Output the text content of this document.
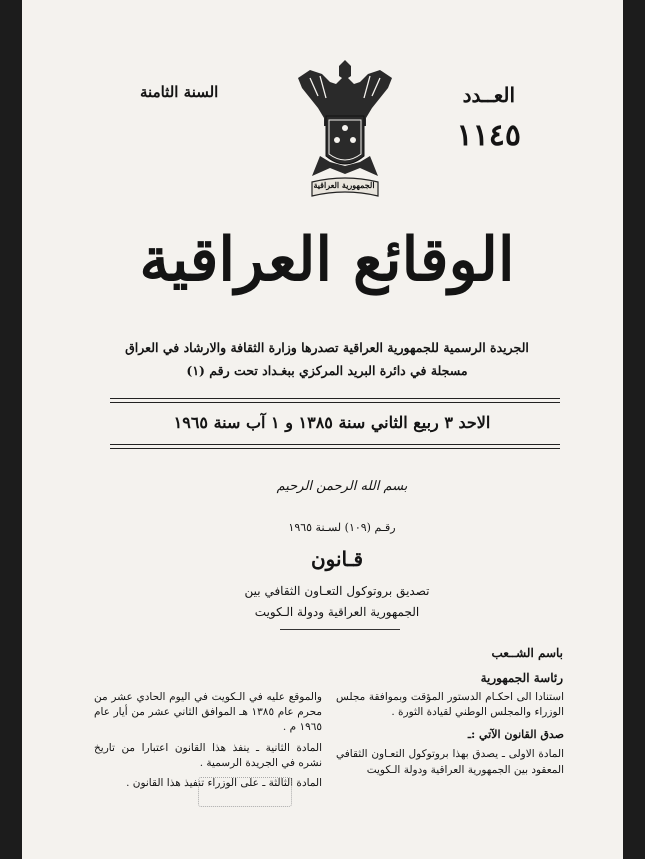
العــدد
١١٤٥
السنة الثامنة
الجمهورية العراقية
الوقائع العراقية
الجريدة الرسمية للجمهورية العراقية تصدرها وزارة الثقافة والارشاد في العراق
مسجلة في دائرة البريد المركزي ببغـداد تحت رقم (١)
الاحد ٣ ربيع الثاني سنة ١٣٨٥ و ١ آب سنة ١٩٦٥
بسم الله الرحمن الرحيم
رقـم (١٠٩) لسـنة ١٩٦٥
قـانون
تصديق بروتوكول التعـاون الثقافي بين
الجمهورية العراقية ودولة الـكويت
باسم الشــعب
رئاسة الجمهورية
استنادا الى احكـام الدستور المؤقت وبموافقة مجلس الوزراء والمجلس الوطني لقيادة الثورة .
صدق القانون الآتي :ـ
المادة الاولى ـ يصدق بهذا بروتوكول التعـاون الثقافي المعقود بين الجمهورية العراقية ودولة الـكويت
والموقع عليه في الـكويت في اليوم الحادي عشر من محرم عام ١٣٨٥ هـ الموافق الثاني عشر من أيار عام ١٩٦٥ م .
المادة الثانية ـ ينفذ هذا القانون اعتبارا من تاريخ نشره في الجريدة الرسمية .
المادة الثالثة ـ على الوزراء تنفيذ هذا القانون .
